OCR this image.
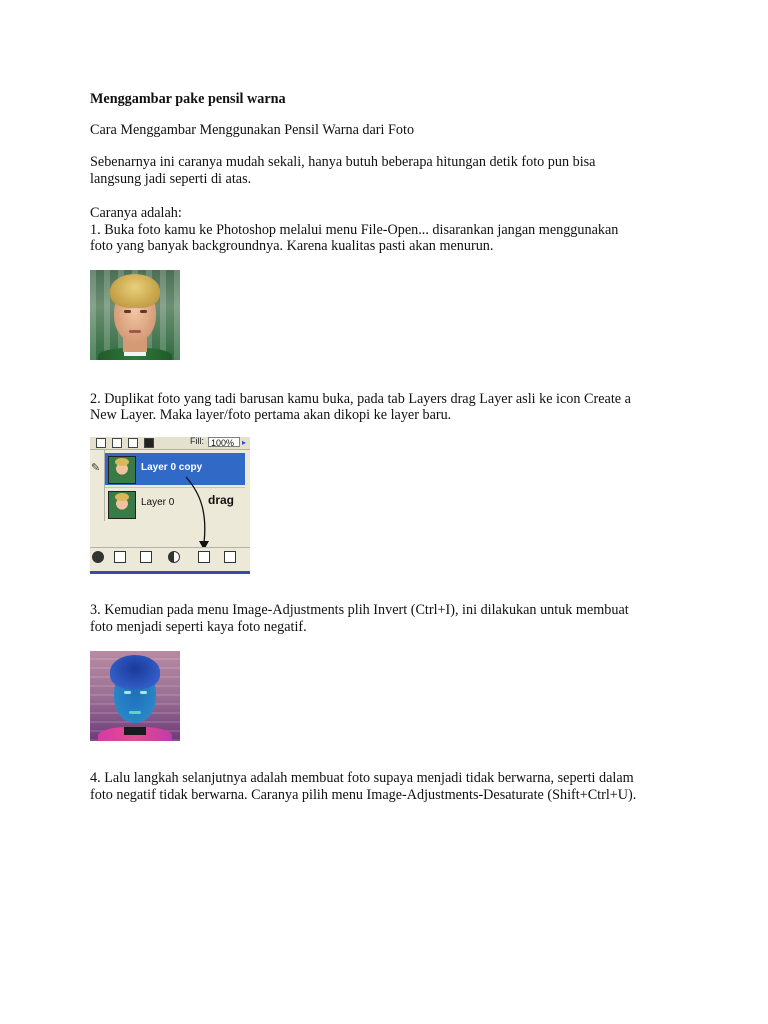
Menggambar pake pensil warna
Cara Menggambar Menggunakan Pensil Warna dari Foto
Sebenarnya ini caranya mudah sekali, hanya butuh beberapa hitungan detik foto pun bisa
langsung jadi seperti di atas.
Caranya adalah:
1. Buka foto kamu ke Photoshop melalui menu File-Open... disarankan jangan menggunakan
foto yang banyak backgroundnya. Karena kualitas pasti akan menurun.
2. Duplikat foto yang tadi barusan kamu buka, pada tab Layers drag Layer asli ke icon Create a
New Layer. Maka layer/foto pertama akan dikopi ke layer baru.
Fill: 100% ▸
✎	Layer 0 copy
Layer 0	drag
3. Kemudian pada menu Image-Adjustments plih Invert (Ctrl+I), ini dilakukan untuk membuat
foto menjadi seperti kaya foto negatif.
4. Lalu langkah selanjutnya adalah membuat foto supaya menjadi tidak berwarna, seperti dalam
foto negatif tidak berwarna. Caranya pilih menu Image-Adjustments-Desaturate (Shift+Ctrl+U).
